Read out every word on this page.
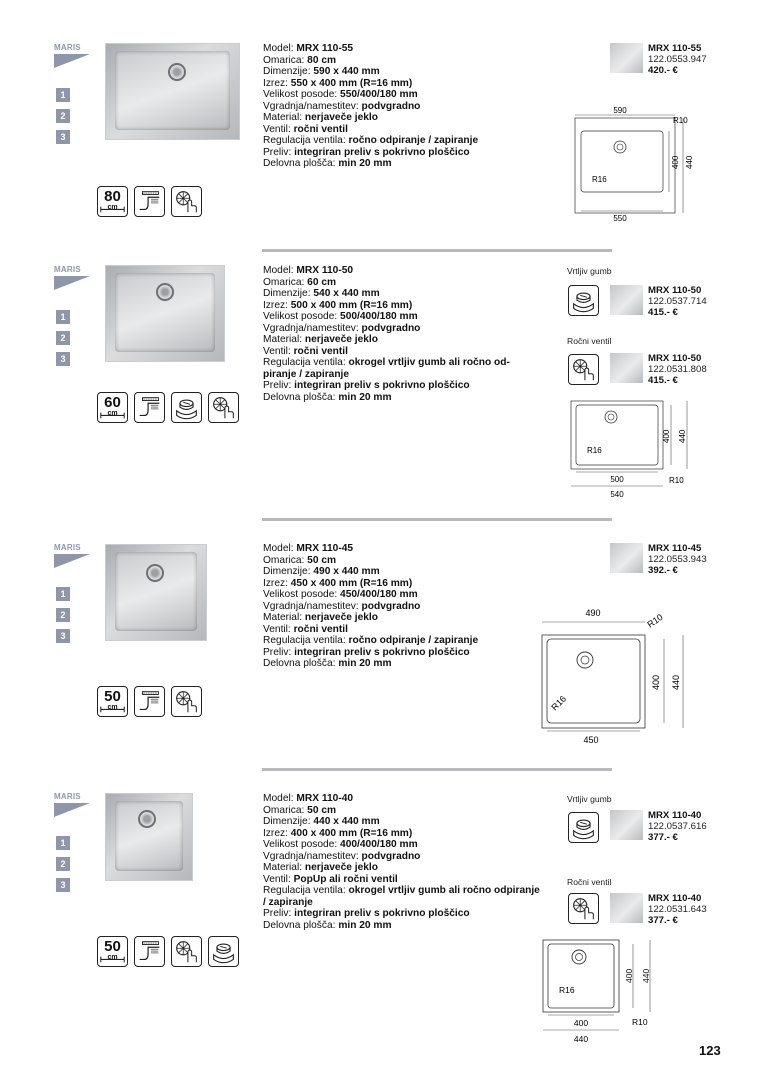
MARIS
1
2
3
80
cm
Model: MRX 110-55
Omarica: 80 cm
Dimenzije: 590 x 440 mm
Izrez: 550 x 400 mm (R=16 mm)
Velikost posode: 550/400/180 mm
Vgradnja/namestitev: podvgradno
Material: nerjaveče jeklo
Ventil: ročni ventil
Regulacija ventila: ročno odpiranje / zapiranje
Preliv: integriran preliv s pokrivno ploščico
Delovna plošča: min 20 mm
MRX 110-55
122.0553.947
420.- €
590
R10
R16
400 440
550
MARIS
1
2
3
60
cm
Model: MRX 110-50
Omarica: 60 cm
Dimenzije: 540 x 440 mm
Izrez: 500 x 400 mm (R=16 mm)
Velikost posode: 500/400/180 mm
Vgradnja/namestitev: podvgradno
Material: nerjaveče jeklo
Ventil: ročni ventil
Regulacija ventila: okrogel vrtljiv gumb ali ročno od-
piranje / zapiranje
Preliv: integriran preliv s pokrivno ploščico
Delovna plošča: min 20 mm
Vrtljiv gumb
MRX 110-50
122.0537.714
415.- €
Ročni ventil
MRX 110-50
122.0531.808
415.- €
R16
400 440
500
540
R10
MARIS
1
2
3
50
cm
Model: MRX 110-45
Omarica: 50 cm
Dimenzije: 490 x 440 mm
Izrez: 450 x 400 mm (R=16 mm)
Velikost posode: 450/400/180 mm
Vgradnja/namestitev: podvgradno
Material: nerjaveče jeklo
Ventil: ročni ventil
Regulacija ventila: ročno odpiranje / zapiranje
Preliv: integriran preliv s pokrivno ploščico
Delovna plošča: min 20 mm
MRX 110-45
122.0553.943
392.- €
490	R10
R16
400 440
450
MARIS
1
2
3
50
cm
Model: MRX 110-40
Omarica: 50 cm
Dimenzije: 440 x 440 mm
Izrez: 400 x 400 mm (R=16 mm)
Velikost posode: 400/400/180 mm
Vgradnja/namestitev: podvgradno
Material: nerjaveče jeklo
Ventil: PopUp ali ročni ventil
Regulacija ventila: okrogel vrtljiv gumb ali ročno odpiranje
/ zapiranje
Preliv: integriran preliv s pokrivno ploščico
Delovna plošča: min 20 mm
Vrtljiv gumb
MRX 110-40
122.0537.616
377.- €
Ročni ventil
MRX 110-40
122.0531.643
377.- €
R16
400 440
400
440
R10
123
